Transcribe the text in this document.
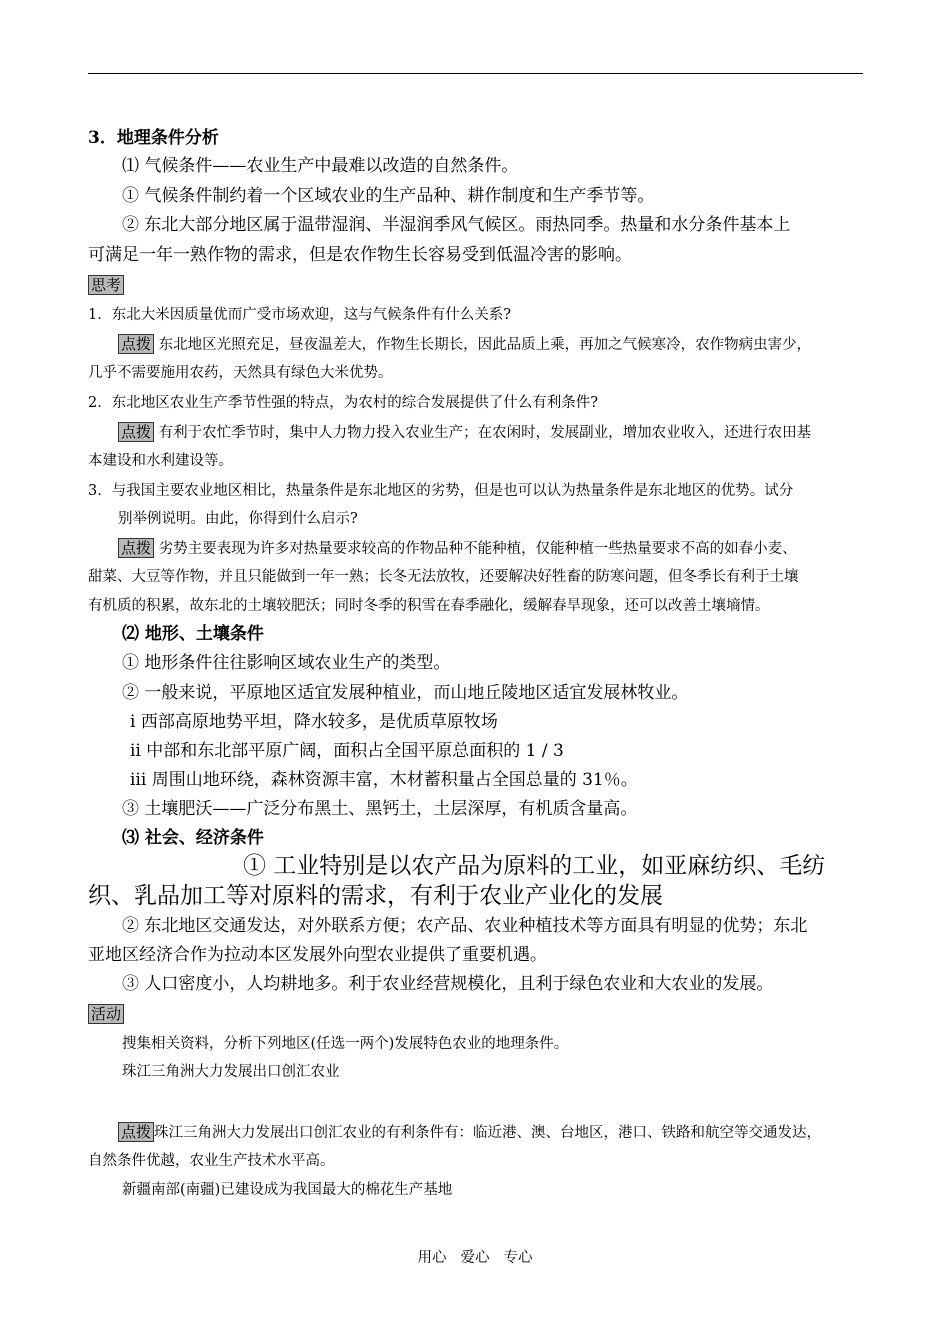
3．地理条件分析
⑴ 气候条件——农业生产中最难以改造的自然条件。
① 气候条件制约着一个区域农业的生产品种、耕作制度和生产季节等。
② 东北大部分地区属于温带湿润、半湿润季风气候区。雨热同季。热量和水分条件基本上
可满足一年一熟作物的需求，但是农作物生长容易受到低温冷害的影响。
思考
1．东北大米因质量优而广受市场欢迎，这与气候条件有什么关系?
点拨 东北地区光照充足，昼夜温差大，作物生长期长，因此品质上乘，再加之气候寒冷，农作物病虫害少，
几乎不需要施用农药，天然具有绿色大米优势。
2．东北地区农业生产季节性强的特点，为农村的综合发展提供了什么有利条件?
点拨 有利于农忙季节时，集中人力物力投入农业生产；在农闲时，发展副业，增加农业收入，还进行农田基
本建设和水利建设等。
3．与我国主要农业地区相比，热量条件是东北地区的劣势，但是也可以认为热量条件是东北地区的优势。试分
别举例说明。由此，你得到什么启示?
点拨 劣势主要表现为许多对热量要求较高的作物品种不能种植，仅能种植一些热量要求不高的如春小麦、
甜菜、大豆等作物，并且只能做到一年一熟；长冬无法放牧，还要解决好牲畜的防寒问题，但冬季长有利于土壤
有机质的积累，故东北的土壤较肥沃；同时冬季的积雪在春季融化，缓解春旱现象，还可以改善土壤墒情。
⑵ 地形、土壤条件
① 地形条件往往影响区域农业生产的类型。
② 一般来说，平原地区适宜发展种植业，而山地丘陵地区适宜发展林牧业。
ⅰ 西部高原地势平坦，降水较多，是优质草原牧场
ⅱ 中部和东北部平原广阔，面积占全国平原总面积的 1 / 3
ⅲ 周围山地环绕，森林资源丰富，木材蓄积量占全国总量的 31％。
③ 土壤肥沃——广泛分布黑土、黑钙土，土层深厚，有机质含量高。
⑶ 社会、经济条件
① 工业特别是以农产品为原料的工业，如亚麻纺织、毛纺
织、乳品加工等对原料的需求，有利于农业产业化的发展
② 东北地区交通发达，对外联系方便；农产品、农业种植技术等方面具有明显的优势；东北
亚地区经济合作为拉动本区发展外向型农业提供了重要机遇。
③ 人口密度小，人均耕地多。利于农业经营规模化，且利于绿色农业和大农业的发展。
活动
搜集相关资料，分析下列地区(任选一两个)发展特色农业的地理条件。
珠江三角洲大力发展出口创汇农业
点拨 珠江三角洲大力发展出口创汇农业的有利条件有：临近港、澳、台地区，港口、铁路和航空等交通发达，
自然条件优越，农业生产技术水平高。
新疆南部(南疆)已建设成为我国最大的棉花生产基地
用心 爱心 专心
